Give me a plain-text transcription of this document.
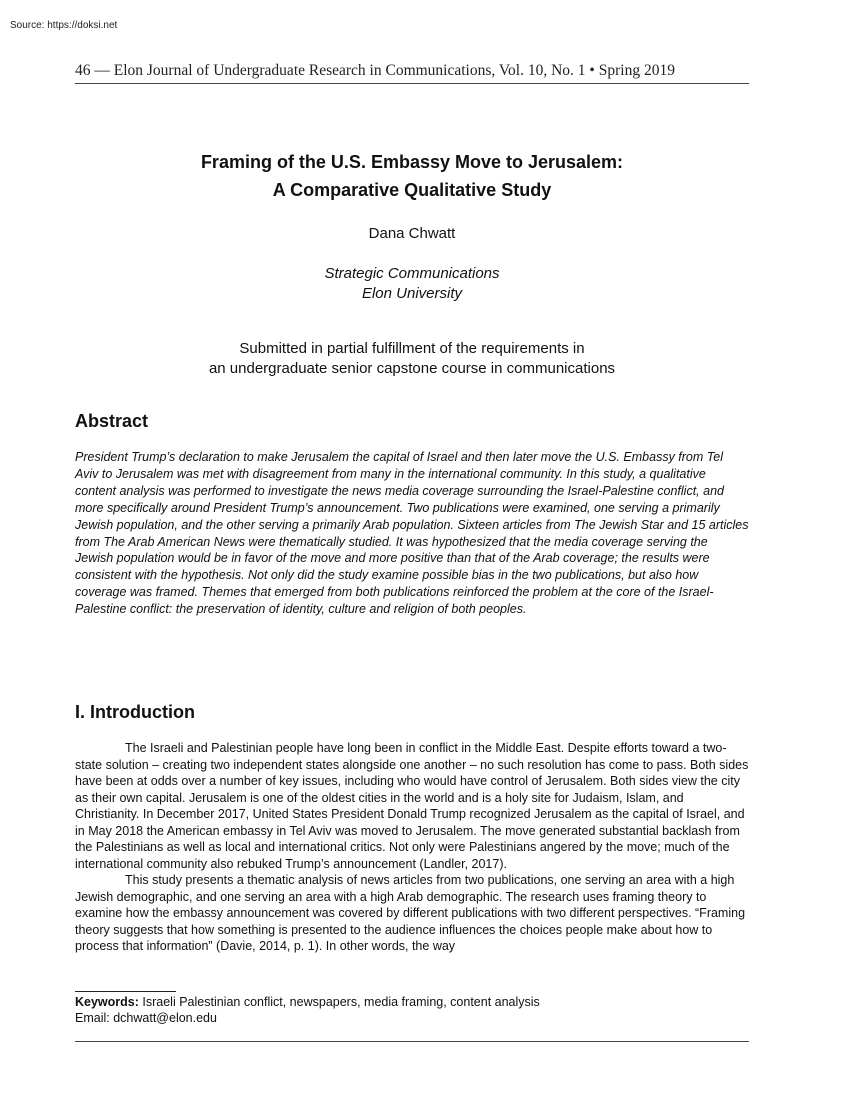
Source: https://doksi.net
46 — Elon Journal of Undergraduate Research in Communications, Vol. 10, No. 1 • Spring 2019
Framing of the U.S. Embassy Move to Jerusalem:
A Comparative Qualitative Study
Dana Chwatt
Strategic Communications
Elon University
Submitted in partial fulfillment of the requirements in
an undergraduate senior capstone course in communications
Abstract
President Trump’s declaration to make Jerusalem the capital of Israel and then later move the U.S. Embassy from Tel Aviv to Jerusalem was met with disagreement from many in the international community. In this study, a qualitative content analysis was performed to investigate the news media coverage surrounding the Israel-Palestine conflict, and more specifically around President Trump’s announcement. Two publications were examined, one serving a primarily Jewish population, and the other serving a primarily Arab population. Sixteen articles from The Jewish Star and 15 articles from The Arab American News were thematically studied. It was hypothesized that the media coverage serving the Jewish population would be in favor of the move and more positive than that of the Arab coverage; the results were consistent with the hypothesis. Not only did the study examine possible bias in the two publications, but also how coverage was framed. Themes that emerged from both publications reinforced the problem at the core of the Israel-Palestine conflict: the preservation of identity, culture and religion of both peoples.
I. Introduction

The Israeli and Palestinian people have long been in conflict in the Middle East. Despite efforts toward a two-state solution – creating two independent states alongside one another – no such resolution has come to pass. Both sides have been at odds over a number of key issues, including who would have control of Jerusalem. Both sides view the city as their own capital. Jerusalem is one of the oldest cities in the world and is a holy site for Judaism, Islam, and Christianity. In December 2017, United States President Donald Trump recognized Jerusalem as the capital of Israel, and in May 2018 the American embassy in Tel Aviv was moved to Jerusalem. The move generated substantial backlash from the Palestinians as well as local and international critics. Not only were Palestinians angered by the move; much of the international community also rebuked Trump’s announcement (Landler, 2017).

This study presents a thematic analysis of news articles from two publications, one serving an area with a high Jewish demographic, and one serving an area with a high Arab demographic. The research uses framing theory to examine how the embassy announcement was covered by different publications with two different perspectives. “Framing theory suggests that how something is presented to the audience influences the choices people make about how to process that information” (Davie, 2014, p. 1). In other words, the way

Keywords: Israeli Palestinian conflict, newspapers, media framing, content analysis
Email: dchwatt@elon.edu
